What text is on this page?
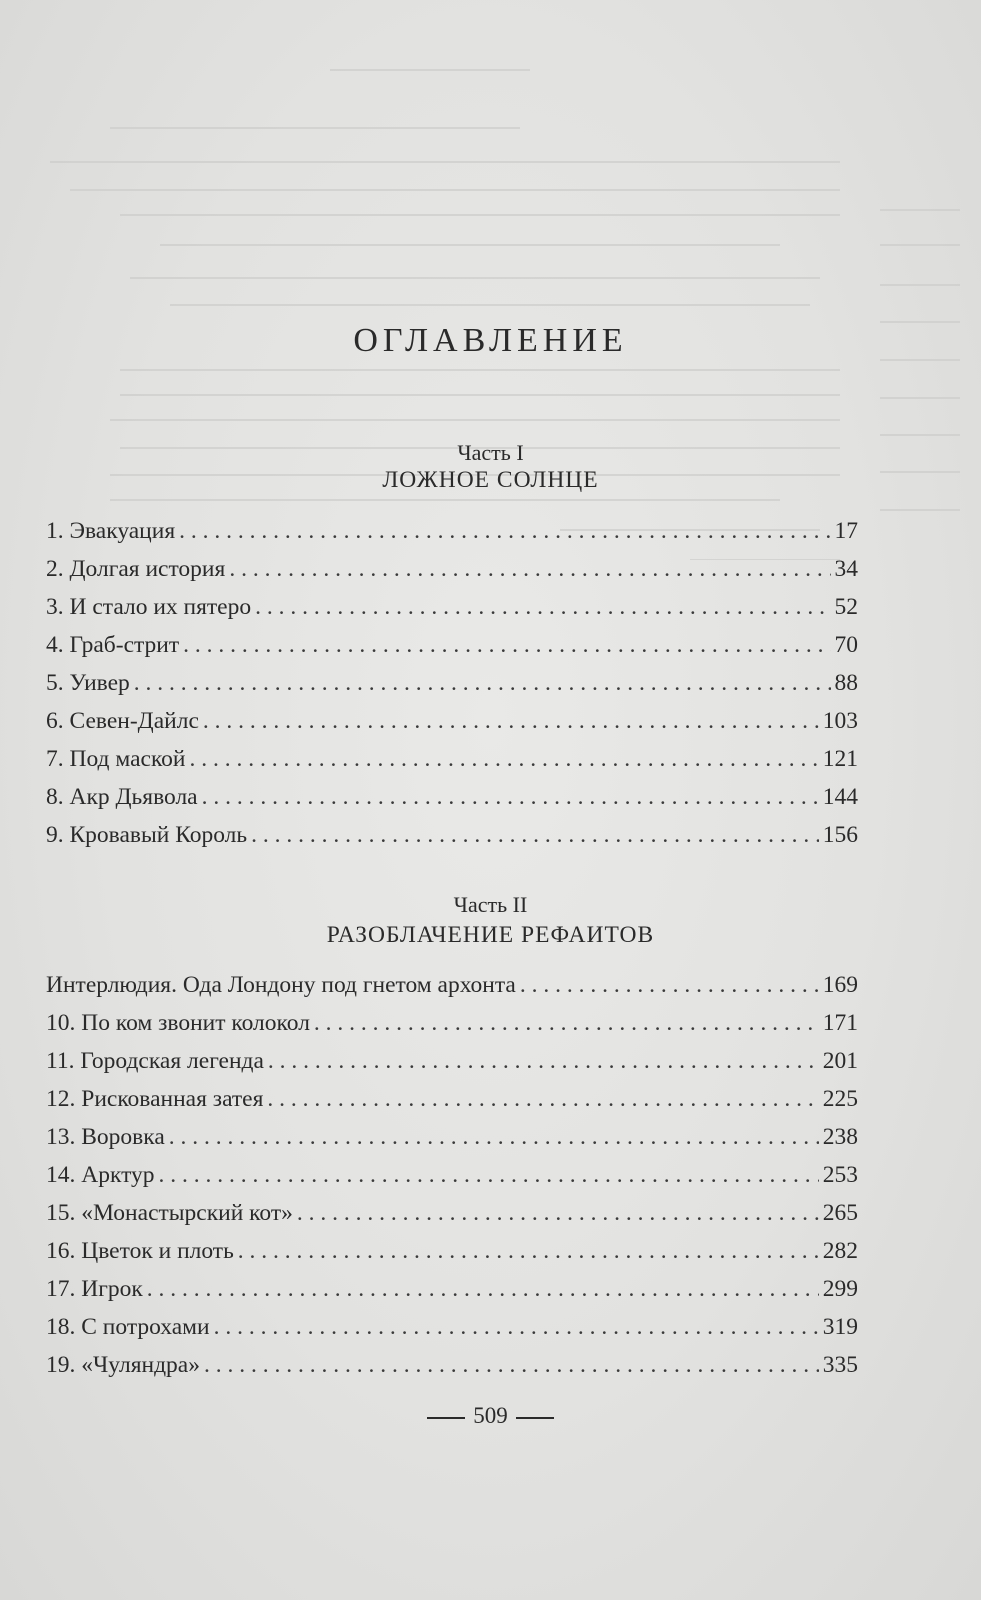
ОГЛАВЛЕНИЕ
Часть I
ЛОЖНОЕ СОЛНЦЕ
1. Эвакуация . . .	17
2. Долгая история . . .	34
3. И стало их пятеро . . .	52
4. Граб-стрит . . .	70
5. Уивер . . .	88
6. Севен-Дайлс . . .	103
7. Под маской . . .	121
8. Акр Дьявола . . .	144
9. Кровавый Король . . .	156
Часть II
РАЗОБЛАЧЕНИЕ РЕФАИТОВ
Интерлюдия. Ода Лондону под гнетом архонта . . .	169
10. По ком звонит колокол . . .	171
11. Городская легенда . . .	201
12. Рискованная затея . . .	225
13. Воровка . . .	238
14. Арктур . . .	253
15. «Монастырский кот» . . .	265
16. Цветок и плоть . . .	282
17. Игрок . . .	299
18. С потрохами . . .	319
19. «Чуляндра» . . .	335
509
